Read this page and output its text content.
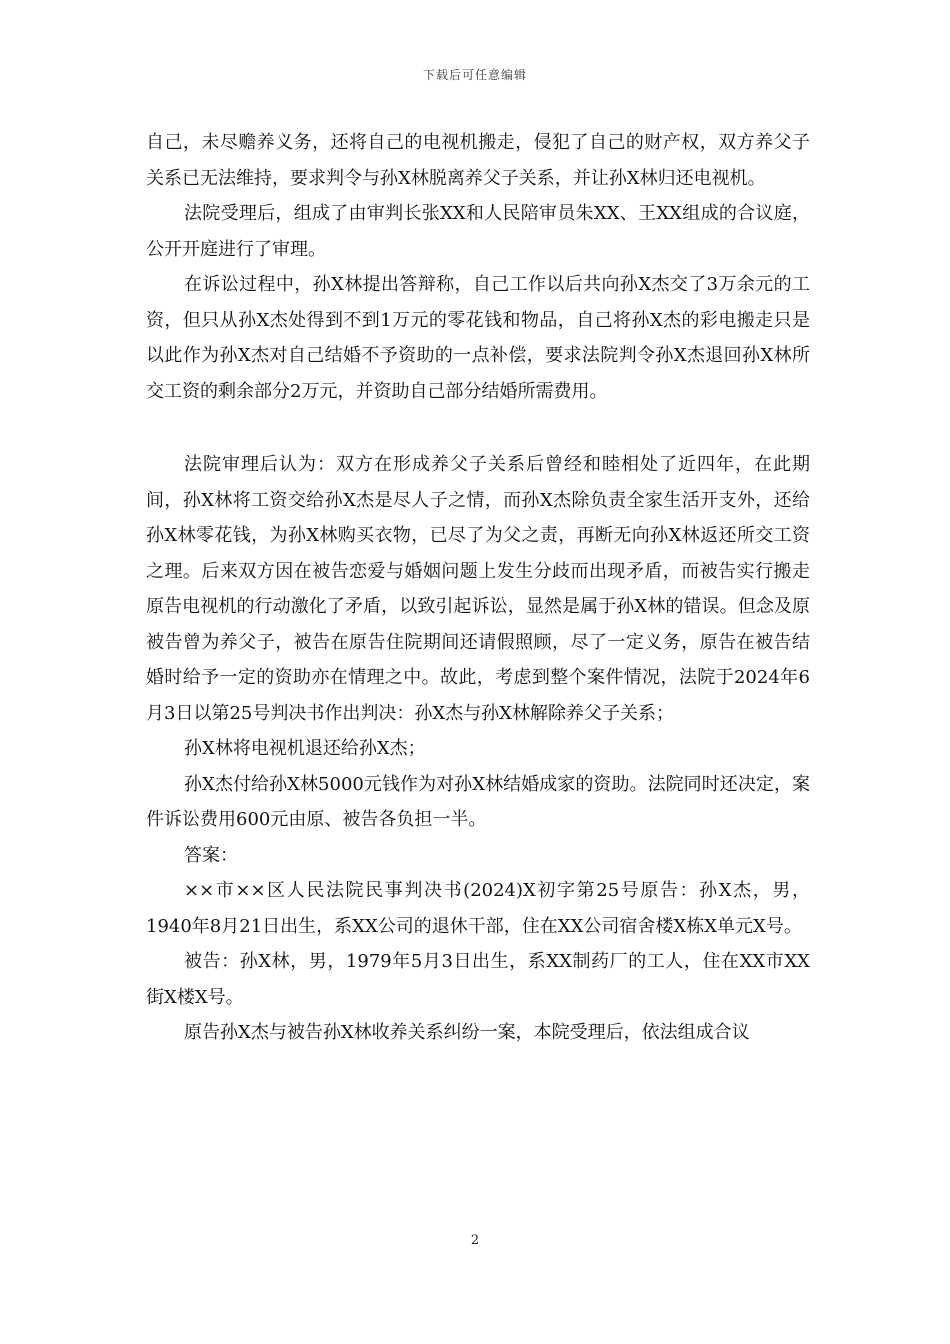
下载后可任意编辑

自己，未尽赡养义务，还将自己的电视机搬走，侵犯了自己的财产权，双方养父子关系已无法维持，要求判令与孙X林脱离养父子关系，并让孙X林归还电视机。

法院受理后，组成了由审判长张XX和人民陪审员朱XX、王XX组成的合议庭，公开开庭进行了审理。

在诉讼过程中，孙X林提出答辩称，自己工作以后共向孙X杰交了3万余元的工资，但只从孙X杰处得到不到1万元的零花钱和物品，自己将孙X杰的彩电搬走只是以此作为孙X杰对自己结婚不予资助的一点补偿，要求法院判令孙X杰退回孙X林所交工资的剩余部分2万元，并资助自己部分结婚所需费用。

法院审理后认为：双方在形成养父子关系后曾经和睦相处了近四年，在此期间，孙X林将工资交给孙X杰是尽人子之情，而孙X杰除负责全家生活开支外，还给孙X林零花钱，为孙X林购买衣物，已尽了为父之责，再断无向孙X林返还所交工资之理。后来双方因在被告恋爱与婚姻问题上发生分歧而出现矛盾，而被告实行搬走原告电视机的行动激化了矛盾，以致引起诉讼，显然是属于孙X林的错误。但念及原被告曾为养父子，被告在原告住院期间还请假照顾，尽了一定义务，原告在被告结婚时给予一定的资助亦在情理之中。故此，考虑到整个案件情况，法院于2024年6月3日以第25号判决书作出判决：孙X杰与孙X林解除养父子关系；

孙X林将电视机退还给孙X杰；

孙X杰付给孙X林5000元钱作为对孙X林结婚成家的资助。法院同时还决定，案件诉讼费用600元由原、被告各负担一半。

答案：

××市××区人民法院民事判决书(2024)X初字第25号原告：孙X杰，男，1940年8月21日出生，系XX公司的退休干部，住在XX公司宿舍楼X栋X单元X号。

被告：孙X林，男，1979年5月3日出生，系XX制药厂的工人，住在XX市XX街X楼X号。

原告孙X杰与被告孙X林收养关系纠纷一案，本院受理后，依法组成合议

2
